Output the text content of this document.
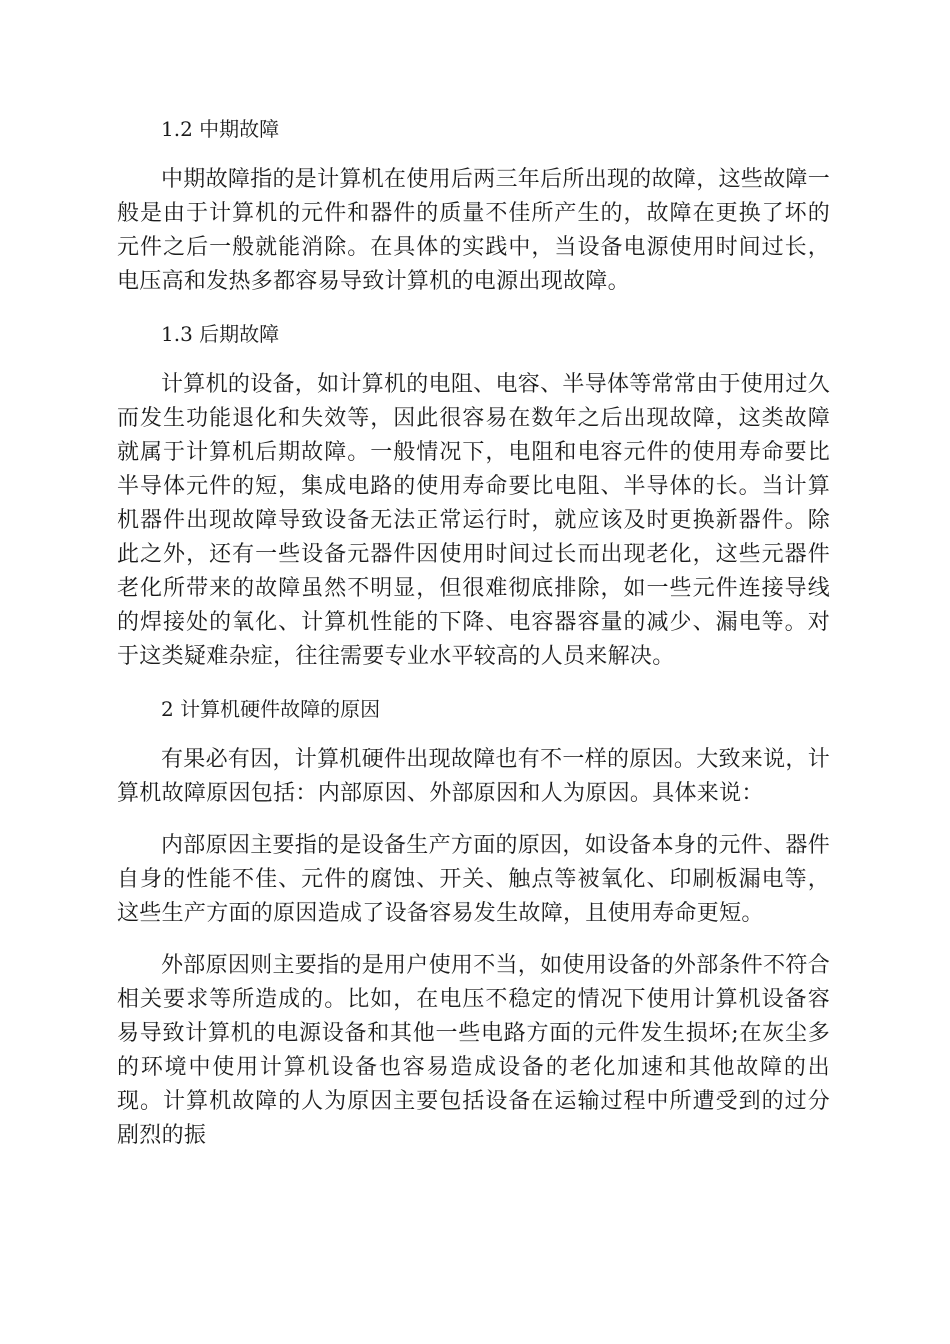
1.2 中期故障

中期故障指的是计算机在使用后两三年后所出现的故障，这些故障一般是由于计算机的元件和器件的质量不佳所产生的，故障在更换了坏的元件之后一般就能消除。在具体的实践中，当设备电源使用时间过长，电压高和发热多都容易导致计算机的电源出现故障。

1.3 后期故障

计算机的设备，如计算机的电阻、电容、半导体等常常由于使用过久而发生功能退化和失效等，因此很容易在数年之后出现故障，这类故障就属于计算机后期故障。一般情况下，电阻和电容元件的使用寿命要比半导体元件的短，集成电路的使用寿命要比电阻、半导体的长。当计算机器件出现故障导致设备无法正常运行时，就应该及时更换新器件。除此之外，还有一些设备元器件因使用时间过长而出现老化，这些元器件老化所带来的故障虽然不明显，但很难彻底排除，如一些元件连接导线的焊接处的氧化、计算机性能的下降、电容器容量的减少、漏电等。对于这类疑难杂症，往往需要专业水平较高的人员来解决。

2 计算机硬件故障的原因

有果必有因，计算机硬件出现故障也有不一样的原因。大致来说，计算机故障原因包括：内部原因、外部原因和人为原因。具体来说：

内部原因主要指的是设备生产方面的原因，如设备本身的元件、器件自身的性能不佳、元件的腐蚀、开关、触点等被氧化、印刷板漏电等，这些生产方面的原因造成了设备容易发生故障，且使用寿命更短。

外部原因则主要指的是用户使用不当，如使用设备的外部条件不符合相关要求等所造成的。比如，在电压不稳定的情况下使用计算机设备容易导致计算机的电源设备和其他一些电路方面的元件发生损坏;在灰尘多的环境中使用计算机设备也容易造成设备的老化加速和其他故障的出现。计算机故障的人为原因主要包括设备在运输过程中所遭受到的过分剧烈的振
